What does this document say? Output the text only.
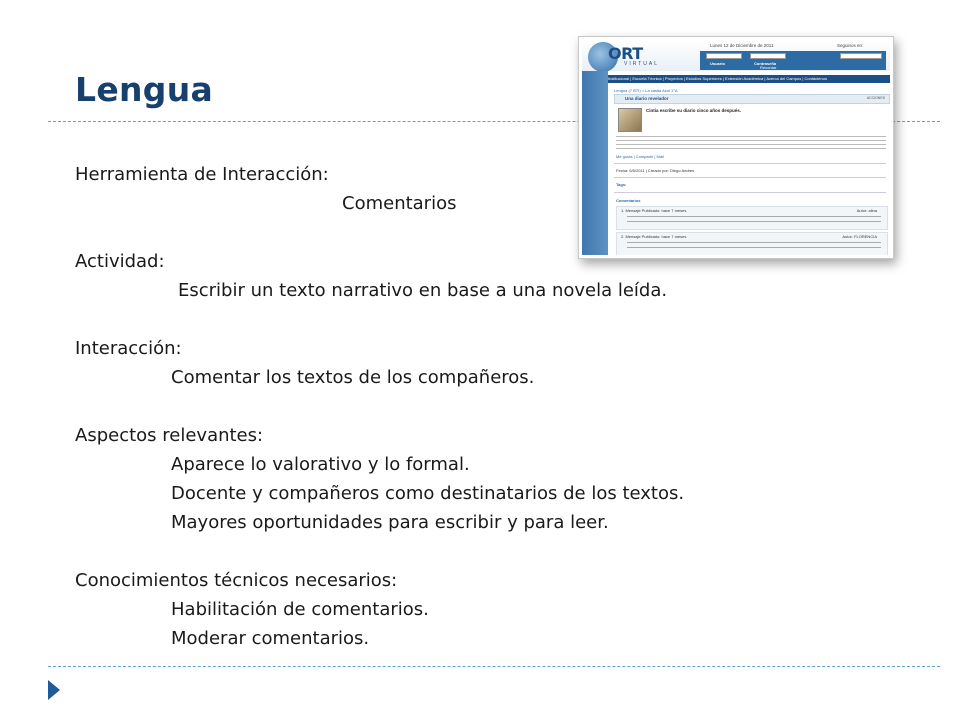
Lengua
ORT
VIRTUAL
Lunes 12 de Diciembre de 2011	Seguinos en:
Usuario	Contraseña
Recordar
Institucional | Escuela Técnica | Proyectos | Estudios Superiores | Extensión Académica | Acerca del Campus | Contáctenos
Lengua (7 BTI) > La casita Azul 1°A
Una diario revelador	ACCIONES
Cintia escribe su diario cinco años después.
Me gusta | Compartir | Mail
Fecha: 6/5/2011 | Creado por: Diego Andres
Tags:
Comentarios
1. Mensaje Publicado: hace 7 meses	Autor: alina
2. Mensaje Publicado: hace 7 meses	Autor: FLORENCIA
Herramienta de Interacción:
Comentarios
Actividad:
Escribir un texto narrativo en base a una novela leída.
Interacción:
Comentar los textos de los compañeros.
Aspectos relevantes:
Aparece lo valorativo y lo formal.
Docente y compañeros como destinatarios de los textos.
Mayores oportunidades para escribir y para leer.
Conocimientos técnicos necesarios:
Habilitación de comentarios.
Moderar comentarios.
